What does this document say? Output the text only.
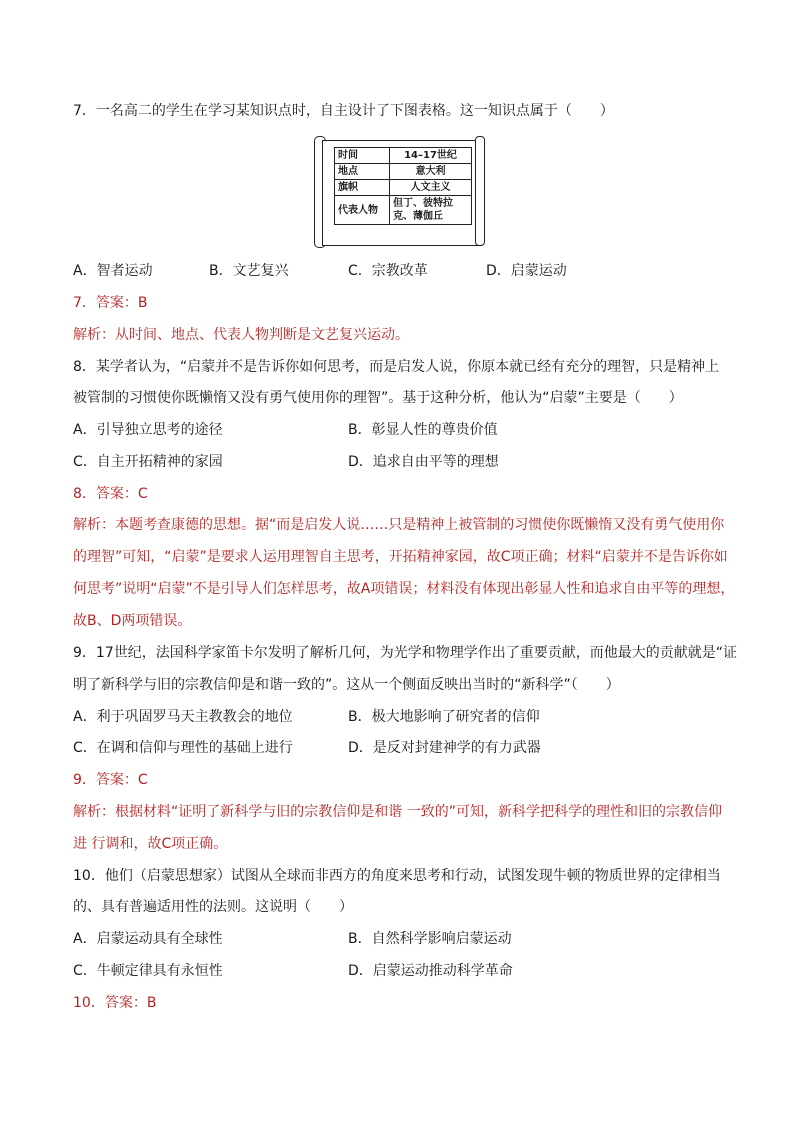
7．一名高二的学生在学习某知识点时，自主设计了下图表格。这一知识点属于（　　）
时间	14–17世纪
地点	意大利
旗帜	人文主义
代表人物	但丁、彼特拉克、薄伽丘
A．智者运动	B．文艺复兴	C．宗教改革	D．启蒙运动
7．答案：B
解析：从时间、地点、代表人物判断是文艺复兴运动。
8．某学者认为，“启蒙并不是告诉你如何思考，而是启发人说，你原本就已经有充分的理智，只是精神上
被管制的习惯使你既懒惰又没有勇气使用你的理智”。基于这种分析，他认为“启蒙”主要是（　　）
A．引导独立思考的途径	B．彰显人性的尊贵价值
C．自主开拓精神的家园	D．追求自由平等的理想
8．答案：C
解析：本题考查康德的思想。据“而是启发人说……只是精神上被管制的习惯使你既懒惰又没有勇气使用你
的理智”可知，“启蒙”是要求人运用理智自主思考，开拓精神家园，故C项正确；材料“启蒙并不是告诉你如
何思考”说明“启蒙”不是引导人们怎样思考，故A项错误；材料没有体现出彰显人性和追求自由平等的理想，
故B、D两项错误。
9．17世纪，法国科学家笛卡尔发明了解析几何，为光学和物理学作出了重要贡献，而他最大的贡献就是“证
明了新科学与旧的宗教信仰是和谐一致的”。这从一个侧面反映出当时的“新科学”（　　）
A．利于巩固罗马天主教教会的地位	B．极大地影响了研究者的信仰
C．在调和信仰与理性的基础上进行	D．是反对封建神学的有力武器
9．答案：C
解析：根据材料“证明了新科学与旧的宗教信仰是和谐 一致的”可知，新科学把科学的理性和旧的宗教信仰
进 行调和，故C项正确。
10．他们（启蒙思想家）试图从全球而非西方的角度来思考和行动，试图发现牛顿的物质世界的定律相当
的、具有普遍适用性的法则。这说明（　　）
A．启蒙运动具有全球性	B．自然科学影响启蒙运动
C．牛顿定律具有永恒性	D．启蒙运动推动科学革命
10．答案：B
